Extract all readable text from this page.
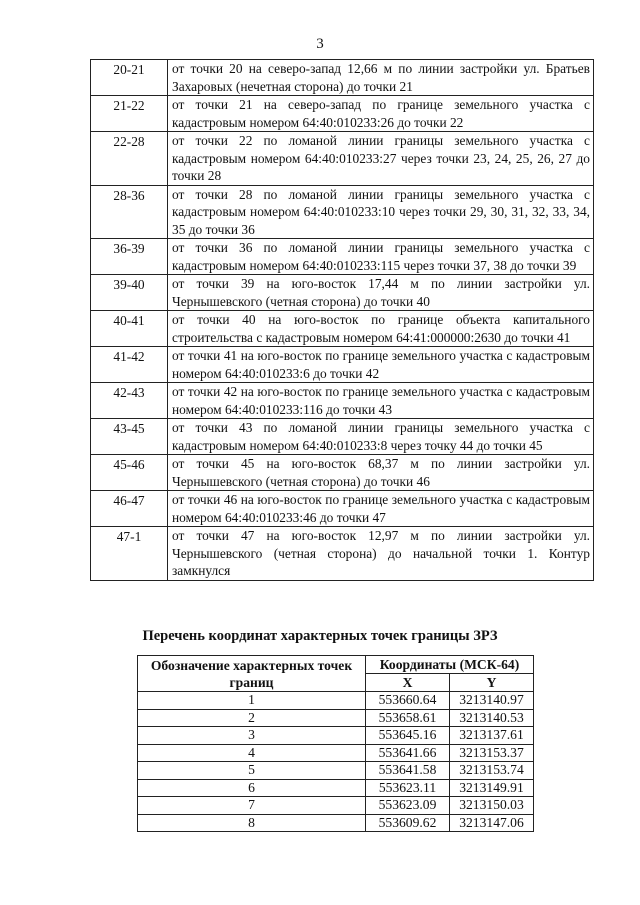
3
20-21	от точки 20 на северо-запад 12,66 м по линии застройки ул. Братьев Захаровых (нечетная сторона) до точки 21
21-22	от точки 21 на северо-запад по границе земельного участка с кадастровым номером 64:40:010233:26 до точки 22
22-28	от точки 22 по ломаной линии границы земельного участка с кадастровым номером 64:40:010233:27 через точки 23, 24, 25, 26, 27 до точки 28
28-36	от точки 28 по ломаной линии границы земельного участка с кадастровым номером 64:40:010233:10 через точки 29, 30, 31, 32, 33, 34, 35 до точки 36
36-39	от точки 36 по ломаной линии границы земельного участка с кадастровым номером 64:40:010233:115 через точки 37, 38 до точки 39
39-40	от точки 39 на юго-восток 17,44 м по линии застройки ул. Чернышевского (четная сторона) до точки 40
40-41	от точки 40 на юго-восток по границе объекта капитального строительства с кадастровым номером 64:41:000000:2630 до точки 41
41-42	от точки 41 на юго-восток по границе земельного участка с кадастровым номером 64:40:010233:6 до точки 42
42-43	от точки 42 на юго-восток по границе земельного участка с кадастровым номером 64:40:010233:116 до точки 43
43-45	от точки 43 по ломаной линии границы земельного участка с кадастровым номером 64:40:010233:8 через точку 44 до точки 45
45-46	от точки 45 на юго-восток 68,37 м по линии застройки ул. Чернышевского (четная сторона) до точки 46
46-47	от точки 46 на юго-восток по границе земельного участка с кадастровым номером 64:40:010233:46 до точки 47
47-1	от точки 47 на юго-восток 12,97 м по линии застройки ул. Чернышевского (четная сторона) до начальной точки 1. Контур замкнулся
Перечень координат характерных точек границы ЗРЗ
Обозначение характерных точек границ	Координаты (МСК-64)	
	X	Y
1	553660.64	3213140.97
2	553658.61	3213140.53
3	553645.16	3213137.61
4	553641.66	3213153.37
5	553641.58	3213153.74
6	553623.11	3213149.91
7	553623.09	3213150.03
8	553609.62	3213147.06
